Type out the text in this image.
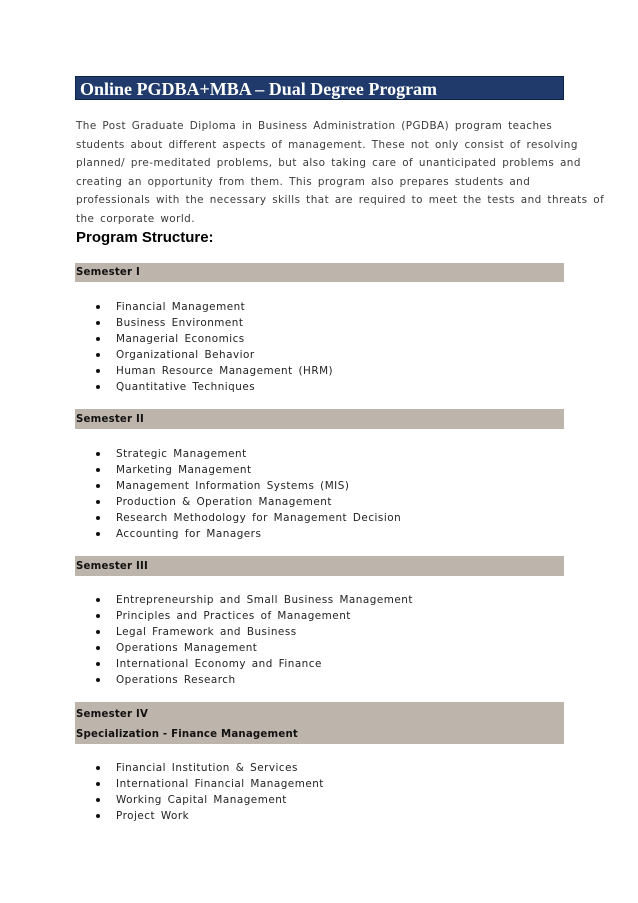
Online PGDBA+MBA – Dual Degree Program
The Post Graduate Diploma in Business Administration (PGDBA) program teaches
students about different aspects of management. These not only consist of resolving
planned/ pre-meditated problems, but also taking care of unanticipated problems and
creating an opportunity from them. This program also prepares students and
professionals with the necessary skills that are required to meet the tests and threats of
the corporate world.
Program Structure:
Semester I
Financial Management
Business Environment
Managerial Economics
Organizational Behavior
Human Resource Management (HRM)
Quantitative Techniques
Semester II
Strategic Management
Marketing Management
Management Information Systems (MIS)
Production & Operation Management
Research Methodology for Management Decision
Accounting for Managers
Semester III
Entrepreneurship and Small Business Management
Principles and Practices of Management
Legal Framework and Business
Operations Management
International Economy and Finance
Operations Research
Semester IV
Specialization - Finance Management
Financial Institution & Services
International Financial Management
Working Capital Management
Project Work
